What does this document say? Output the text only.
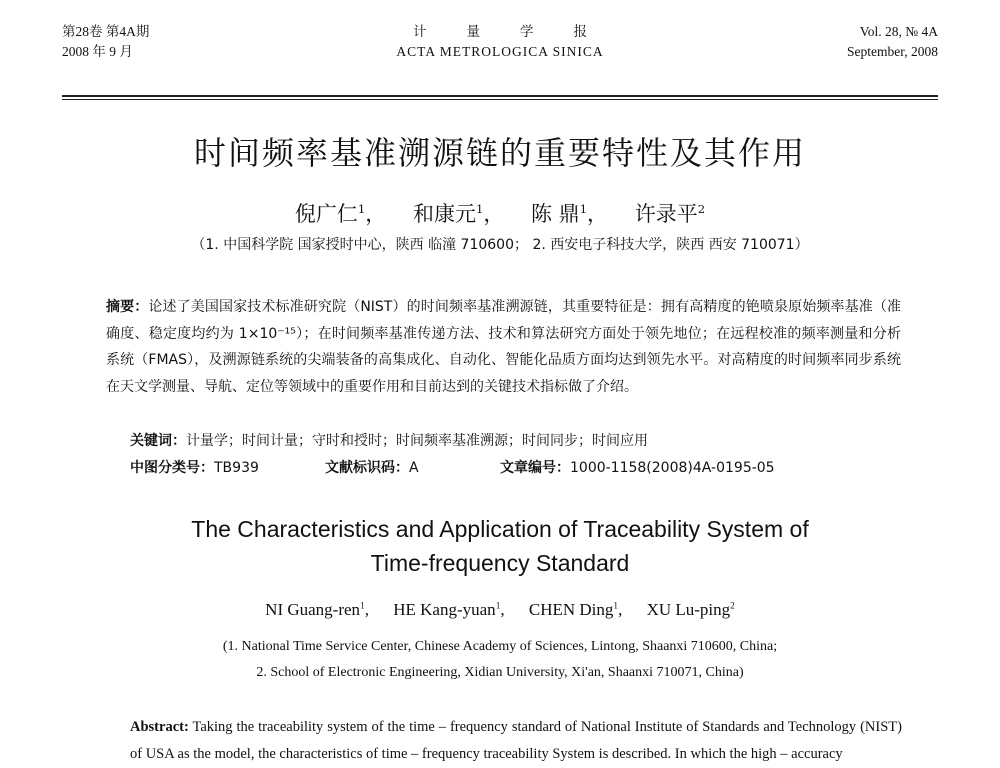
第28卷 第4A期
2008 年 9 月
计量学报
ACTA METROLOGICA SINICA
Vol. 28, № 4A
September, 2008
时间频率基准溯源链的重要特性及其作用
倪广仁$^1$， 和康元$^1$， 陈 鼎$^1$， 许录平$^2$
（1. 中国科学院 国家授时中心，陕西 临潼 710600； 2. 西安电子科技大学，陕西 西安 710071）
摘要：论述了美国国家技术标准研究院（NIST）的时间频率基准溯源链，其重要特征是：拥有高精度的铯喷泉原始频率基准（准确度、稳定度均约为 1×10⁻¹⁵）；在时间频率基准传递方法、技术和算法研究方面处于领先地位；在远程校准的频率测量和分析系统（FMAS），及溯源链系统的尖端装备的高集成化、自动化、智能化品质方面均达到领先水平。对高精度的时间频率同步系统在天文学测量、导航、定位等领域中的重要作用和目前达到的关键技术指标做了介绍。
关键词：计量学；时间计量；守时和授时；时间频率基准溯源；时间同步；时间应用
中图分类号：TB939	文献标识码：A	文章编号：1000-1158(2008)4A-0195-05
The Characteristics and Application of Traceability System of
Time-frequency Standard
NI Guang-ren$^1$, HE Kang-yuan$^1$, CHEN Ding$^1$, XU Lu-ping$^2$
(1. National Time Service Center, Chinese Academy of Sciences, Lintong, Shaanxi 710600, China;
2. School of Electronic Engineering, Xidian University, Xi'an, Shaanxi 710071, China)
Abstract: Taking the traceability system of the time – frequency standard of National Institute of Standards and Technology (NIST) of USA as the model, the characteristics of time – frequency traceability System is described. In which the high – accuracy
